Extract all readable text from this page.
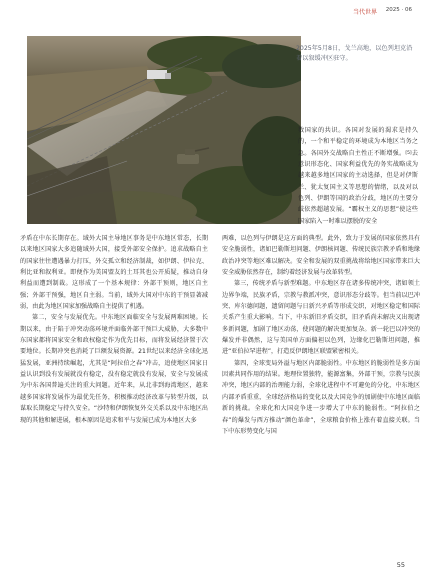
当代世界 2025 · 06
2025年5月8日，戈兰高地，以色列坦克沿着以叙缓冲区驻守。

数国家的共识。各国对发展的渴求是持久的，一个和平稳定的环境成为本地区当务之急。各国外交战略自主性正不断增强。[5]去意识形态化、国家利益优先的务实战略成为越来越多地区国家的主动选择，但是对伊斯兰、犹太复国主义等思想的情绪，以及对以色列、伊朗等国的政治分歧，地区的主要分歧依然超越发展。“霸权主义的思想”使这些国家陷入一时难以摆脱的安全

矛盾在中东长期存在。域外大国主导地区事务是中东地区常态，长期以来地区国家大多追随域外大国，接受外部安全保护。追求战略自主的国家往往遭遇暴力打压，外交孤立和经济制裁，如伊朗、伊拉克、利比亚和叙利亚。即便作为美国盟友的土耳其也公开质疑，推动自身利益而遭到制裁。这形成了一个基本规律：外部干预则，地区自主强；外部干预强，地区自主弱。当前，域外大国对中东的干预显著减弱，由此为地区国家加强战略自主提供了机遇。

第二，安全与发展优先。中东地区面临安全与发展两难困境。长期以来，由于陷于冲突动荡环境并面临外部干预巨大威胁，大多数中东国家都将国家安全和政权稳定作为优先目标，而将发展经济置于次要地位。长期冲突也消耗了巨额发展资源。21世纪以来经济全球化迅猛发展，亚洲持续崛起，尤其是“阿拉伯之春”冲击，追使地区国家日益认识到没有发展就没有稳定，没有稳定就没有发展，安全与发展成为中东各国普遍关注的重大问题。近年来，从北非到海湾地区，越来越多国家将发展作为最优先任务，积极推动经济改革与转型升级，以谋取长期稳定与持久安全。“沙特和伊朗恢复外交关系以及中东地区出现的其他和解进展，根本原因是追求和平与发展已成为本地区大多

两难，以色列与伊朗是这方面的典型。此外，致力于发展的国家依然具有安全脆弱性，诸如巴勒斯坦问题、伊朗核问题、传统民族宗教矛盾和地缘政治冲突等地区难以解决。安全和发展的双重挑战将给地区国家带来巨大安全威胁依然存在，制约着经济发展与改革转型。

第三，传统矛盾与新型难题。中东地区存在诸多传统冲突，诸如领土边界争端，民族矛盾，宗教与教派冲突，意识形态分歧等。但当前以巴冲突、库尔德问题，遗留问题与日新兴矛盾等形成交织，对地区稳定和国际关系产生重大影响。当下，中东新旧矛盾交织，旧矛盾尚未解决又出现诸多新问题，加剧了地区动荡，使问题的解决更加复杂。新一轮巴以冲突的爆发并非偶然，这与美国单方面偏袒以色列，边缘化巴勒斯坦问题，推进“亚伯拉罕进程”，打造反伊朗地区联盟紧密相关。

第四，全球变局外溢与地区内部脆弱性。中东地区的脆弱性是多方面因素共同作用的结果。地理位置独特，能源富集，外部干预，宗教与民族冲突，地区内部的治理能力弱，全球化进程中不可避免的分化，中东地区内部矛盾重重，全球经济格局的变化以及大国竞争的加剧使中东地区面临新的挑战。全球化和大国竞争进一步增大了中东的脆弱性。“阿拉伯之春”的爆发与西方推动“颜色革命”，全球粮食价格上涨有着直接关联。当下中东形势变化与国

55
